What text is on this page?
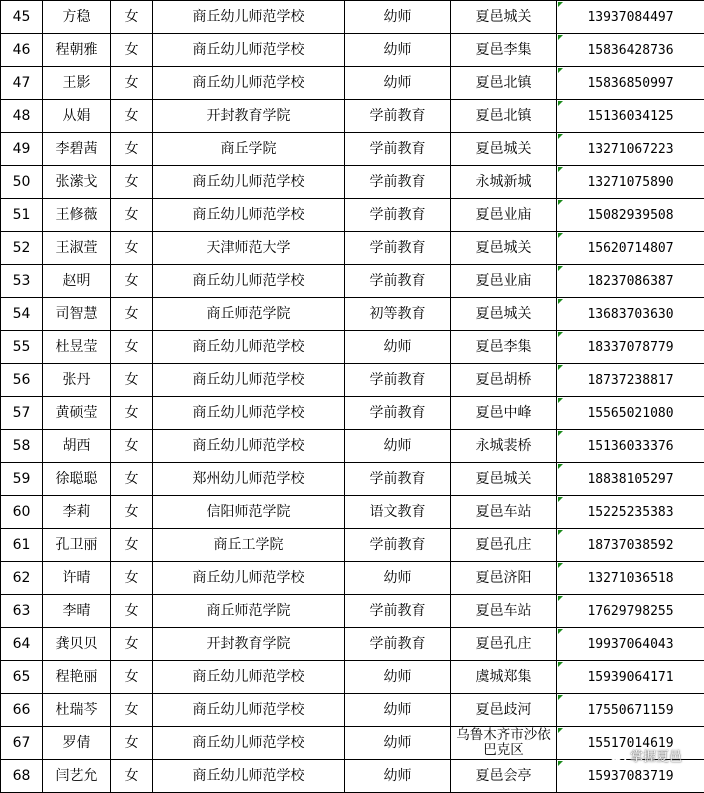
45	方稳	女	商丘幼儿师范学校	幼师	夏邑城关	13937084497
46	程朝雅	女	商丘幼儿师范学校	幼师	夏邑李集	15836428736
47	王影	女	商丘幼儿师范学校	幼师	夏邑北镇	15836850997
48	从娟	女	开封教育学院	学前教育	夏邑北镇	15136034125
49	李碧茜	女	商丘学院	学前教育	夏邑城关	13271067223
50	张潆戈	女	商丘幼儿师范学校	学前教育	永城新城	13271075890
51	王修薇	女	商丘幼儿师范学校	学前教育	夏邑业庙	15082939508
52	王淑萱	女	天津师范大学	学前教育	夏邑城关	15620714807
53	赵明	女	商丘幼儿师范学校	学前教育	夏邑业庙	18237086387
54	司智慧	女	商丘师范学院	初等教育	夏邑城关	13683703630
55	杜昱莹	女	商丘幼儿师范学校	幼师	夏邑李集	18337078779
56	张丹	女	商丘幼儿师范学校	学前教育	夏邑胡桥	18737238817
57	黄硕莹	女	商丘幼儿师范学校	学前教育	夏邑中峰	15565021080
58	胡西	女	商丘幼儿师范学校	幼师	永城裴桥	15136033376
59	徐聪聪	女	郑州幼儿师范学校	学前教育	夏邑城关	18838105297
60	李莉	女	信阳师范学院	语文教育	夏邑车站	15225235383
61	孔卫丽	女	商丘工学院	学前教育	夏邑孔庄	18737038592
62	许晴	女	商丘幼儿师范学校	幼师	夏邑济阳	13271036518
63	李晴	女	商丘师范学院	学前教育	夏邑车站	17629798255
64	龚贝贝	女	开封教育学院	学前教育	夏邑孔庄	19937064043
65	程艳丽	女	商丘幼儿师范学校	幼师	虞城郑集	15939064171
66	杜瑞芩	女	商丘幼儿师范学校	幼师	夏邑歧河	17550671159
67	罗倩	女	商丘幼儿师范学校	幼师	乌鲁木齐市沙依巴克区	15517014619
68	闫艺允	女	商丘幼儿师范学校	幼师	夏邑会亭	15937083719
掌握夏邑
